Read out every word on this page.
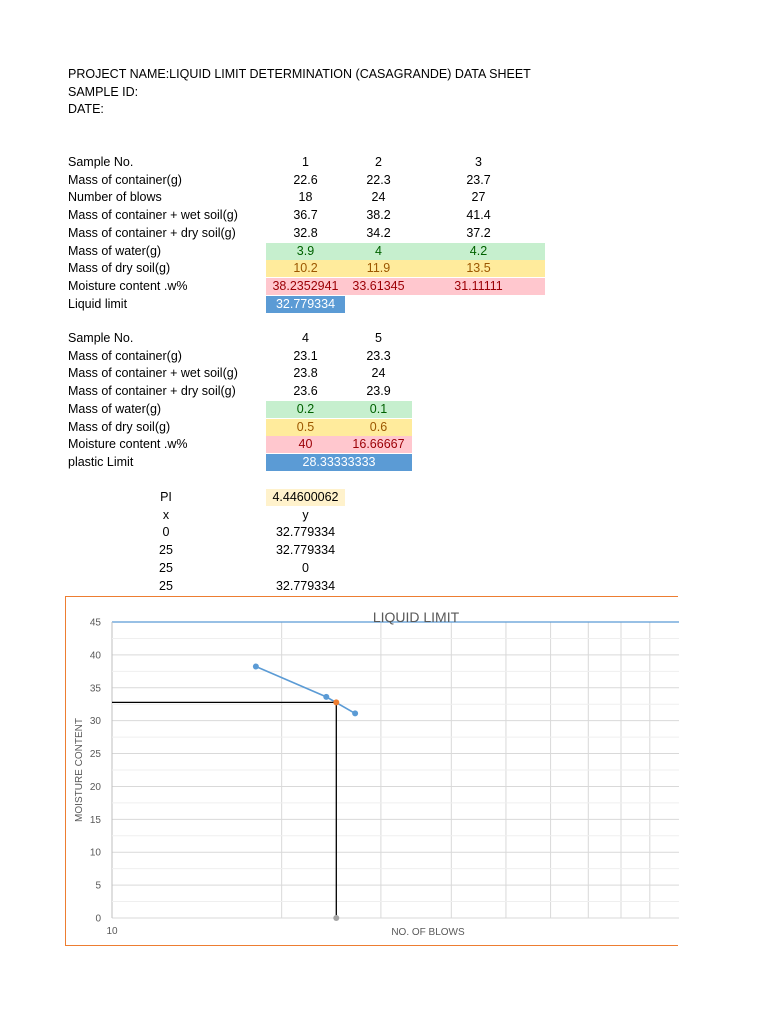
PROJECT NAME:LIQUID LIMIT DETERMINATION (CASAGRANDE) DATA SHEET
SAMPLE ID:
DATE:
Sample No.	1	2	3
Mass of container(g)	22.6	22.3	23.7
Number of blows	18	24	27
Mass of container + wet soil(g)	36.7	38.2	41.4
Mass of container + dry soil(g)	32.8	34.2	37.2
Mass of water(g)	3.9	4	4.2
Mass of dry soil(g)	10.2	11.9	13.5
Moisture content .w%	38.2352941	33.61345	31.11111
Liquid limit	32.779334
Sample No.	4	5
Mass of container(g)	23.1	23.3
Mass of container + wet soil(g)	23.8	24
Mass of container + dry soil(g)	23.6	23.9
Mass of water(g)	0.2	0.1
Mass of dry soil(g)	0.5	0.6
Moisture content .w%	40	16.66667
plastic Limit	28.33333333
PI	4.44600062
x	y
0	32.779334
25	32.779334
25	0
25	32.779334
0
5
10
15
20
25
30
35
40
45
10	NO. OF BLOWS
MOISTURE CONTENT
LIQUID LIMIT
